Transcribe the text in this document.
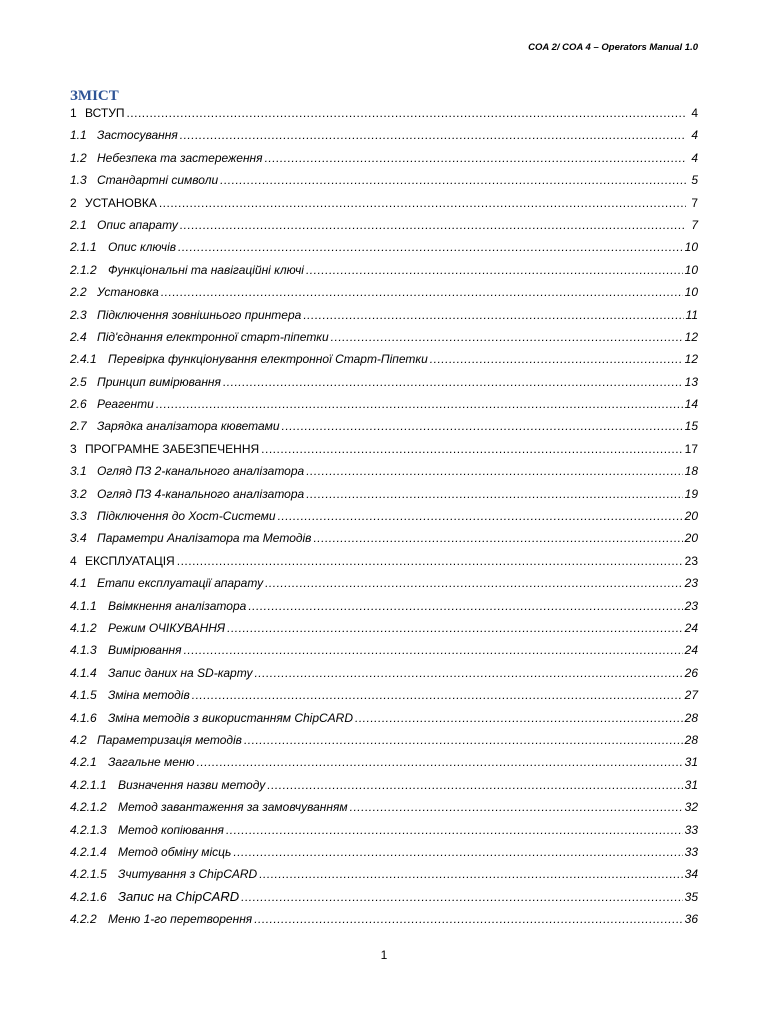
COA 2/ COA 4 – Operators Manual 1.0
ЗМІСТ
1 ВСТУП .....	4
1.1 Застосування .....	4
1.2 Небезпека та застереження .....	4
1.3 Стандартні символи .....	5
2 УСТАНОВКА .....	7
2.1 Опис апарату .....	7
2.1.1 Опис ключів .....	10
2.1.2 Функціональні та навігаційні ключі .....	10
2.2 Установка .....	10
2.3 Підключення зовнішнього принтера .....	11
2.4 Під'єднання електронної старт-піпетки .....	12
2.4.1 Перевірка функціонування електронної Старт-Піпетки .....	12
2.5 Принцип вимірювання .....	13
2.6 Реагенти .....	14
2.7 Зарядка аналізатора кюветами .....	15
3 ПРОГРАМНЕ ЗАБЕЗПЕЧЕННЯ .....	17
3.1 Огляд ПЗ 2-канального аналізатора .....	18
3.2 Огляд ПЗ 4-канального аналізатора .....	19
3.3 Підключення до Хост-Системи .....	20
3.4 Параметри Аналізатора та Методів .....	20
4 ЕКСПЛУАТАЦІЯ .....	23
4.1 Етапи експлуатації апарату .....	23
4.1.1 Ввімкнення аналізатора .....	23
4.1.2 Режим ОЧІКУВАННЯ .....	24
4.1.3 Вимірювання .....	24
4.1.4 Запис даних на SD-карту .....	26
4.1.5 Зміна методів .....	27
4.1.6 Зміна методів з використанням ChipCARD .....	28
4.2 Параметризація методів .....	28
4.2.1 Загальне меню .....	31
4.2.1.1 Визначення назви методу .....	31
4.2.1.2 Метод завантаження за замовчуванням .....	32
4.2.1.3 Метод копіювання .....	33
4.2.1.4 Метод обміну місць .....	33
4.2.1.5 Зчитування з ChipCARD .....	34
4.2.1.6 Запис на ChipCARD .....	35
4.2.2 Меню 1-го перетворення .....	36
1
